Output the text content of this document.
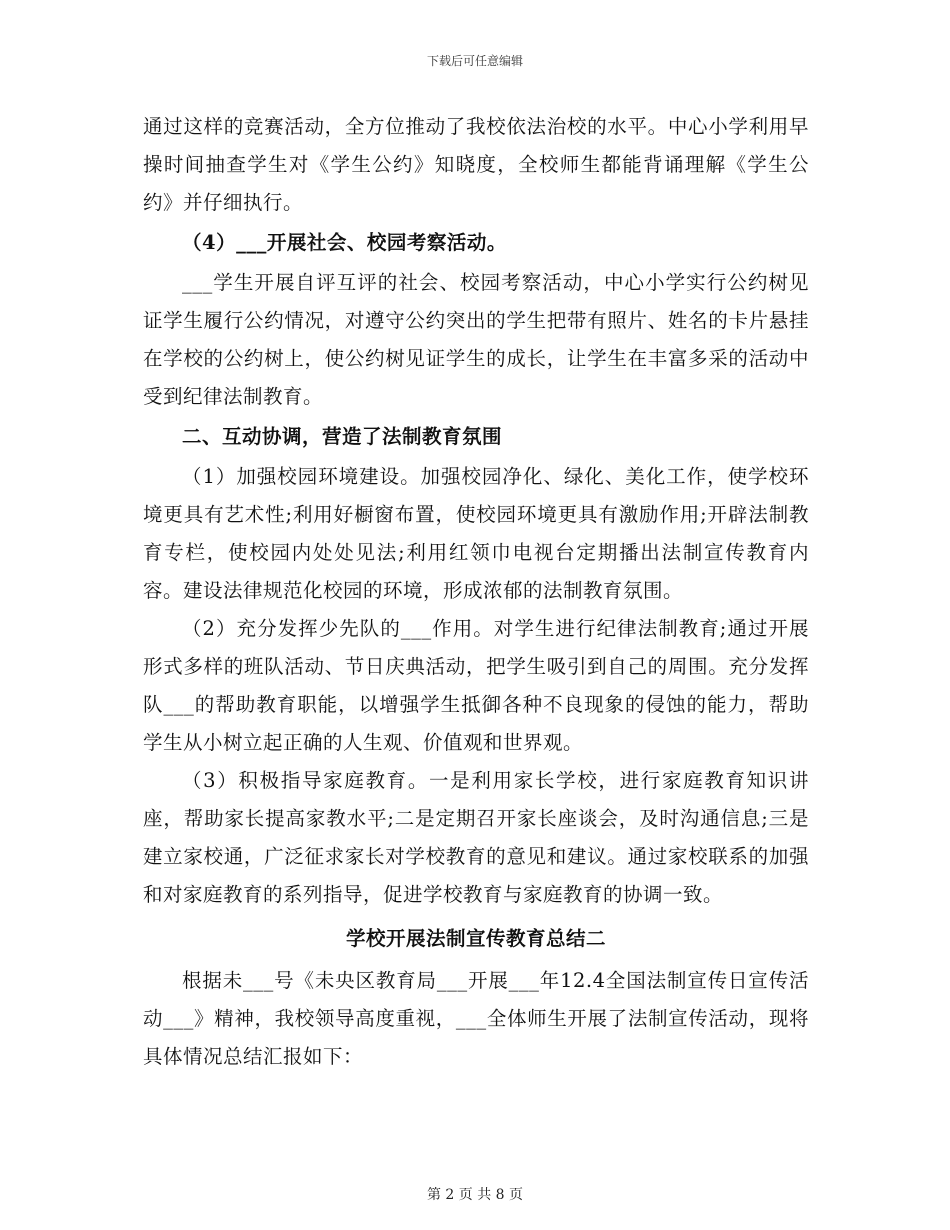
下载后可任意编辑

通过这样的竞赛活动，全方位推动了我校依法治校的水平。中心小学利用早操时间抽查学生对《学生公约》知晓度，全校师生都能背诵理解《学生公约》并仔细执行。

（4）___开展社会、校园考察活动。

___学生开展自评互评的社会、校园考察活动，中心小学实行公约树见证学生履行公约情况，对遵守公约突出的学生把带有照片、姓名的卡片悬挂在学校的公约树上，使公约树见证学生的成长，让学生在丰富多采的活动中受到纪律法制教育。

二、互动协调，营造了法制教育氛围

（1）加强校园环境建设。加强校园净化、绿化、美化工作，使学校环境更具有艺术性;利用好橱窗布置，使校园环境更具有激励作用;开辟法制教育专栏，使校园内处处见法;利用红领巾电视台定期播出法制宣传教育内容。建设法律规范化校园的环境，形成浓郁的法制教育氛围。

（2）充分发挥少先队的___作用。对学生进行纪律法制教育;通过开展形式多样的班队活动、节日庆典活动，把学生吸引到自己的周围。充分发挥队___的帮助教育职能，以增强学生抵御各种不良现象的侵蚀的能力，帮助学生从小树立起正确的人生观、价值观和世界观。

（3）积极指导家庭教育。一是利用家长学校，进行家庭教育知识讲座，帮助家长提高家教水平;二是定期召开家长座谈会，及时沟通信息;三是建立家校通，广泛征求家长对学校教育的意见和建议。通过家校联系的加强和对家庭教育的系列指导，促进学校教育与家庭教育的协调一致。

学校开展法制宣传教育总结二

根据未___号《未央区教育局___开展___年12.4全国法制宣传日宣传活动___》精神，我校领导高度重视，___全体师生开展了法制宣传活动，现将具体情况总结汇报如下：

第 2 页 共 8 页
